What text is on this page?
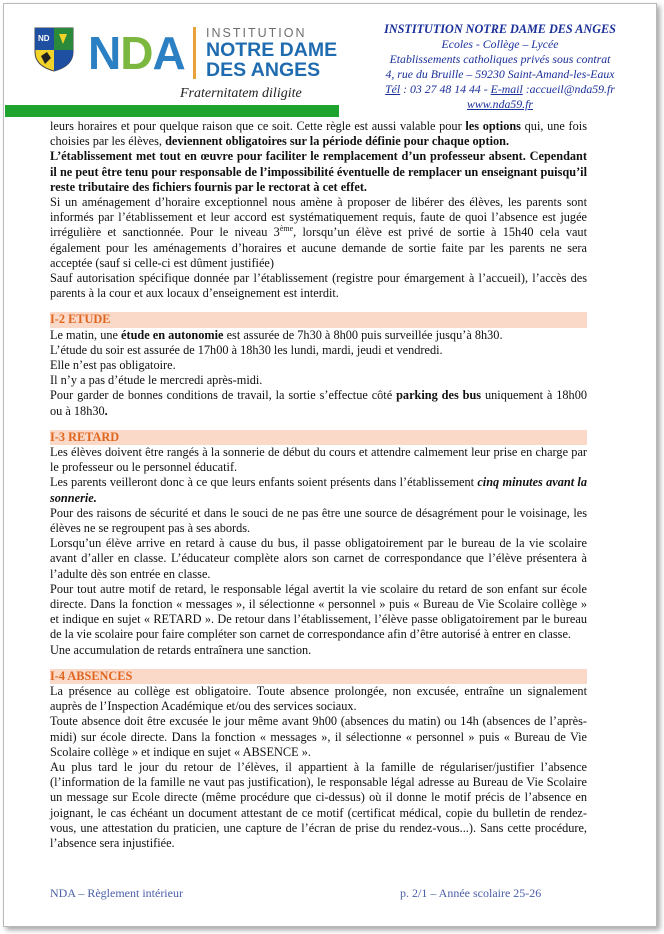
ND NDA INSTITUTION
NOTRE DAME
DES ANGES
Fraternitatem diligite
INSTITUTION NOTRE DAME DES ANGES
Ecoles - Collège – Lycée
Etablissements catholiques privés sous contrat
4, rue du Bruille – 59230 Saint-Amand-les-Eaux
Tél : 03 27 48 14 44 - E-mail :accueil@nda59.fr
www.nda59.fr

leurs horaires et pour quelque raison que ce soit. Cette règle est aussi valable pour les options qui, une fois choisies par les élèves, deviennent obligatoires sur la période définie pour chaque option.

L’établissement met tout en œuvre pour faciliter le remplacement d’un professeur absent. Cependant il ne peut être tenu pour responsable de l’impossibilité éventuelle de remplacer un enseignant puisqu’il reste tributaire des fichiers fournis par le rectorat à cet effet.

Si un aménagement d’horaire exceptionnel nous amène à proposer de libérer des élèves, les parents sont informés par l’établissement et leur accord est systématiquement requis, faute de quoi l’absence est jugée irrégulière et sanctionnée. Pour le niveau 3ème, lorsqu’un élève est privé de sortie à 15h40 cela vaut également pour les aménagements d’horaires et aucune demande de sortie faite par les parents ne sera acceptée (sauf si celle-ci est dûment justifiée)

Sauf autorisation spécifique donnée par l’établissement (registre pour émargement à l’accueil), l’accès des parents à la cour et aux locaux d’enseignement est interdit.

I-2 ETUDE

Le matin, une étude en autonomie est assurée de 7h30 à 8h00 puis surveillée jusqu’à 8h30.

L’étude du soir est assurée de 17h00 à 18h30 les lundi, mardi, jeudi et vendredi.

Elle n’est pas obligatoire.

Il n’y a pas d’étude le mercredi après-midi.

Pour garder de bonnes conditions de travail, la sortie s’effectue côté parking des bus uniquement à 18h00 ou à 18h30.

I-3 RETARD

Les élèves doivent être rangés à la sonnerie de début du cours et attendre calmement leur prise en charge par le professeur ou le personnel éducatif.

Les parents veilleront donc à ce que leurs enfants soient présents dans l’établissement cinq minutes avant la sonnerie.

Pour des raisons de sécurité et dans le souci de ne pas être une source de désagrément pour le voisinage, les élèves ne se regroupent pas à ses abords.

Lorsqu’un élève arrive en retard à cause du bus, il passe obligatoirement par le bureau de la vie scolaire avant d’aller en classe. L’éducateur complète alors son carnet de correspondance que l’élève présentera à l’adulte dès son entrée en classe.

Pour tout autre motif de retard, le responsable légal avertit la vie scolaire du retard de son enfant sur école directe. Dans la fonction « messages », il sélectionne « personnel » puis « Bureau de Vie Scolaire collège » et indique en sujet « RETARD ». De retour dans l’établissement, l’élève passe obligatoirement par le bureau de la vie scolaire pour faire compléter son carnet de correspondance afin d’être autorisé à entrer en classe.

Une accumulation de retards entraînera une sanction.

I-4 ABSENCES

La présence au collège est obligatoire. Toute absence prolongée, non excusée, entraîne un signalement auprès de l’Inspection Académique et/ou des services sociaux.

Toute absence doit être excusée le jour même avant 9h00 (absences du matin) ou 14h (absences de l’après-midi) sur école directe. Dans la fonction « messages », il sélectionne « personnel » puis « Bureau de Vie Scolaire collège » et indique en sujet « ABSENCE ».

Au plus tard le jour du retour de l’élèves, il appartient à la famille de régulariser/justifier l’absence (l’information de la famille ne vaut pas justification), le responsable légal adresse au Bureau de Vie Scolaire un message sur Ecole directe (même procédure que ci-dessus) où il donne le motif précis de l’absence en joignant, le cas échéant un document attestant de ce motif (certificat médical, copie du bulletin de rendez-vous, une attestation du praticien, une capture de l’écran de prise du rendez-vous...). Sans cette procédure, l’absence sera injustifiée.

NDA – Règlement intérieur	p. 2/1 – Année scolaire 25-26
